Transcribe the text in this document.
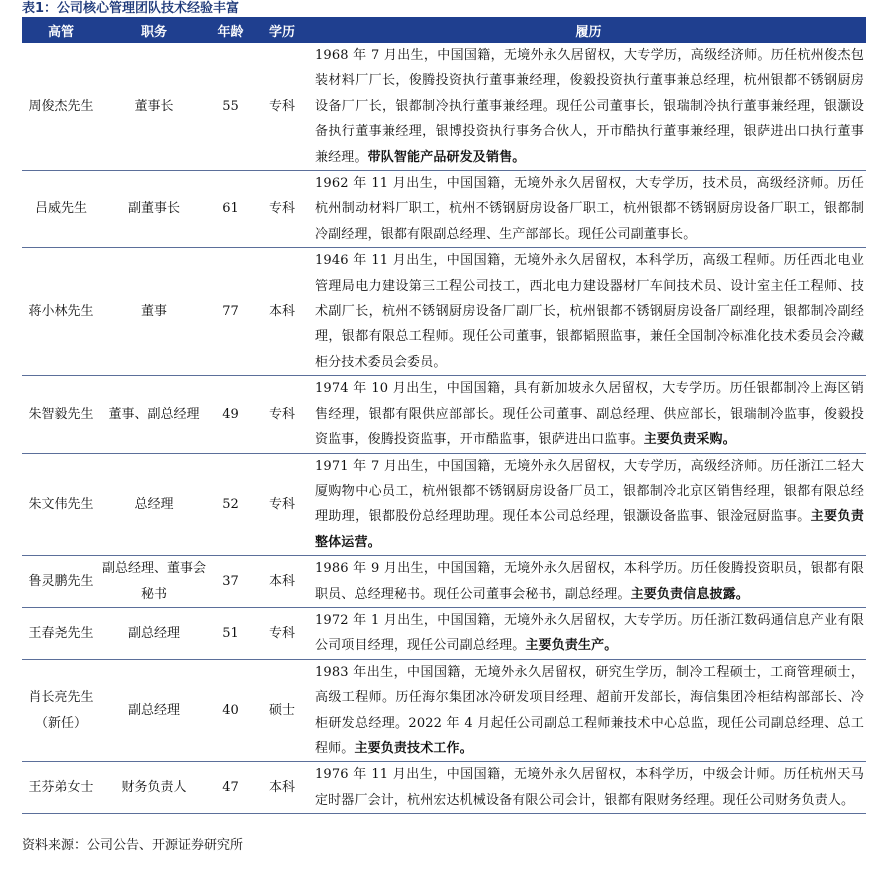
表1：公司核心管理团队技术经验丰富
高管	职务	年龄	学历	履历
周俊杰先生	董事长	55	专科	1968 年 7 月出生，中国国籍，无境外永久居留权，大专学历，高级经济师。历任杭州俊杰包装材料厂厂长，俊腾投资执行董事兼经理，俊毅投资执行董事兼总经理，杭州银都不锈钢厨房设备厂厂长，银都制冷执行董事兼经理。现任公司董事长，银瑞制冷执行董事兼经理，银灏设备执行董事兼经理，银博投资执行事务合伙人，开市酷执行董事兼经理，银萨进出口执行董事兼经理。带队智能产品研发及销售。
吕威先生	副董事长	61	专科	1962 年 11 月出生，中国国籍，无境外永久居留权，大专学历，技术员，高级经济师。历任杭州制动材料厂职工，杭州不锈钢厨房设备厂职工，杭州银都不锈钢厨房设备厂职工，银都制冷副经理，银都有限副总经理、生产部部长。现任公司副董事长。
蒋小林先生	董事	77	本科	1946 年 11 月出生，中国国籍，无境外永久居留权，本科学历，高级工程师。历任西北电业管理局电力建设第三工程公司技工，西北电力建设器材厂车间技术员、设计室主任工程师、技术副厂长，杭州不锈钢厨房设备厂副厂长，杭州银都不锈钢厨房设备厂副经理，银都制冷副经理，银都有限总工程师。现任公司董事，银都韬照监事，兼任全国制冷标准化技术委员会冷藏柜分技术委员会委员。
朱智毅先生	董事、副总经理	49	专科	1974 年 10 月出生，中国国籍，具有新加坡永久居留权，大专学历。历任银都制冷上海区销售经理，银都有限供应部部长。现任公司董事、副总经理、供应部长，银瑞制冷监事，俊毅投资监事，俊腾投资监事，开市酷监事，银萨进出口监事。主要负责采购。
朱文伟先生	总经理	52	专科	1971 年 7 月出生，中国国籍，无境外永久居留权，大专学历，高级经济师。历任浙江二轻大厦购物中心员工，杭州银都不锈钢厨房设备厂员工，银都制冷北京区销售经理，银都有限总经理助理，银都股份总经理助理。现任本公司总经理，银灏设备监事、银淦冠厨监事。主要负责整体运营。
鲁灵鹏先生	副总经理、董事会秘书	37	本科	1986 年 9 月出生，中国国籍，无境外永久居留权，本科学历。历任俊腾投资职员，银都有限职员、总经理秘书。现任公司董事会秘书，副总经理。主要负责信息披露。
王春尧先生	副总经理	51	专科	1972 年 1 月出生，中国国籍，无境外永久居留权，大专学历。历任浙江数码通信息产业有限公司项目经理，现任公司副总经理。主要负责生产。
肖长亮先生（新任）	副总经理	40	硕士	1983 年出生，中国国籍，无境外永久居留权，研究生学历，制冷工程硕士，工商管理硕士，高级工程师。历任海尔集团冰冷研发项目经理、超前开发部长，海信集团冷柜结构部部长、冷柜研发总经理。2022 年 4 月起任公司副总工程师兼技术中心总监，现任公司副总经理、总工程师。主要负责技术工作。
王芬弟女士	财务负责人	47	本科	1976 年 11 月出生，中国国籍，无境外永久居留权，本科学历，中级会计师。历任杭州天马定时器厂会计，杭州宏达机械设备有限公司会计，银都有限财务经理。现任公司财务负责人。
资料来源：公司公告、开源证券研究所
